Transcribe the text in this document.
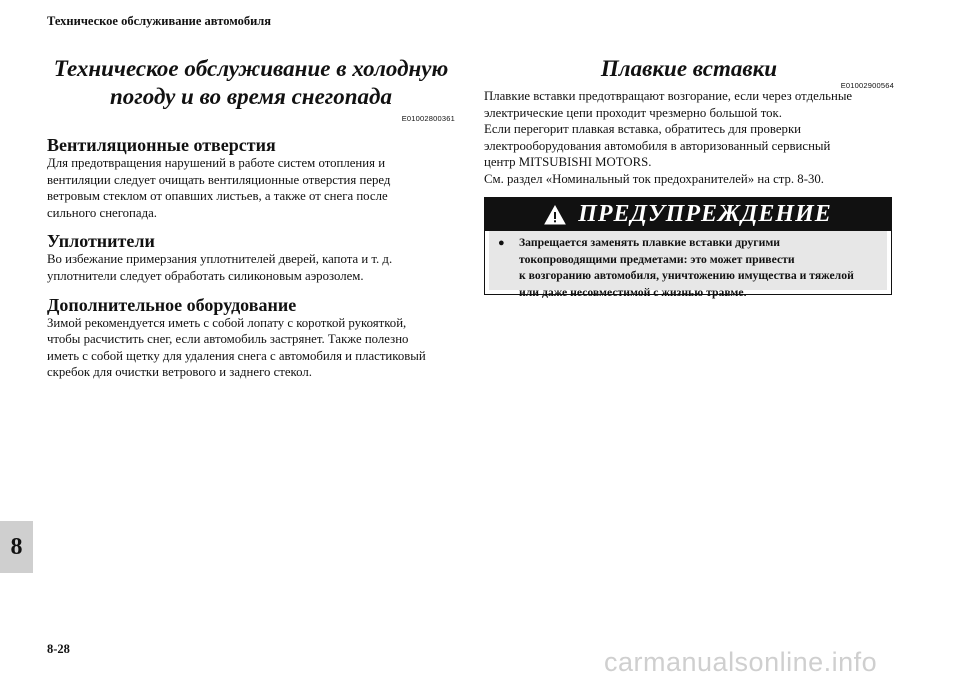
Техническое обслуживание автомобиля
Техническое обслуживание в холодную
погоду и во время снегопада
E01002800361
Вентиляционные отверстия

Для предотвращения нарушений в работе систем отопления и
вентиляции следует очищать вентиляционные отверстия перед
ветровым стеклом от опавших листьев, а также от снега после
сильного снегопада.

Уплотнители

Во избежание примерзания уплотнителей дверей, капота и т. д.
уплотнители следует обработать силиконовым аэрозолем.

Дополнительное оборудование

Зимой рекомендуется иметь с собой лопату с короткой рукояткой,
чтобы расчистить снег, если автомобиль застрянет. Также полезно
иметь с собой щетку для удаления снега с автомобиля и пластиковый
скребок для очистки ветрового и заднего стекол.

Плавкие вставки
E01002900564

Плавкие вставки предотвращают возгорание, если через отдельные
электрические цепи проходит чрезмерно большой ток.
Если перегорит плавкая вставка, обратитесь для проверки
электрооборудования автомобиля в авторизованный сервисный
центр MITSUBISHI MOTORS.
См. раздел «Номинальный ток предохранителей» на стр. 8-30.

ПРЕДУПРЕЖДЕНИЕ
● Запрещается заменять плавкие вставки другими
токопроводящими предметами: это может привести
к возгоранию автомобиля, уничтожению имущества и тяжелой
или даже несовместимой с жизнью травме.

8
8-28	carmanualsonline.info
